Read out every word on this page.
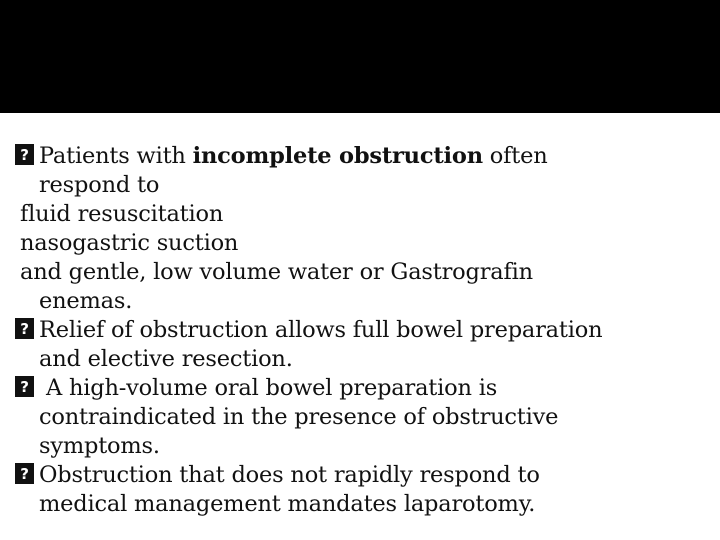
? Patients with incomplete obstruction often
respond to
fluid resuscitation
nasogastric suction
and gentle, low volume water or Gastrografin
enemas.
? Relief of obstruction allows full bowel preparation
and elective resection.
? A high-volume oral bowel preparation is
contraindicated in the presence of obstructive
symptoms.
? Obstruction that does not rapidly respond to
medical management mandates laparotomy.
